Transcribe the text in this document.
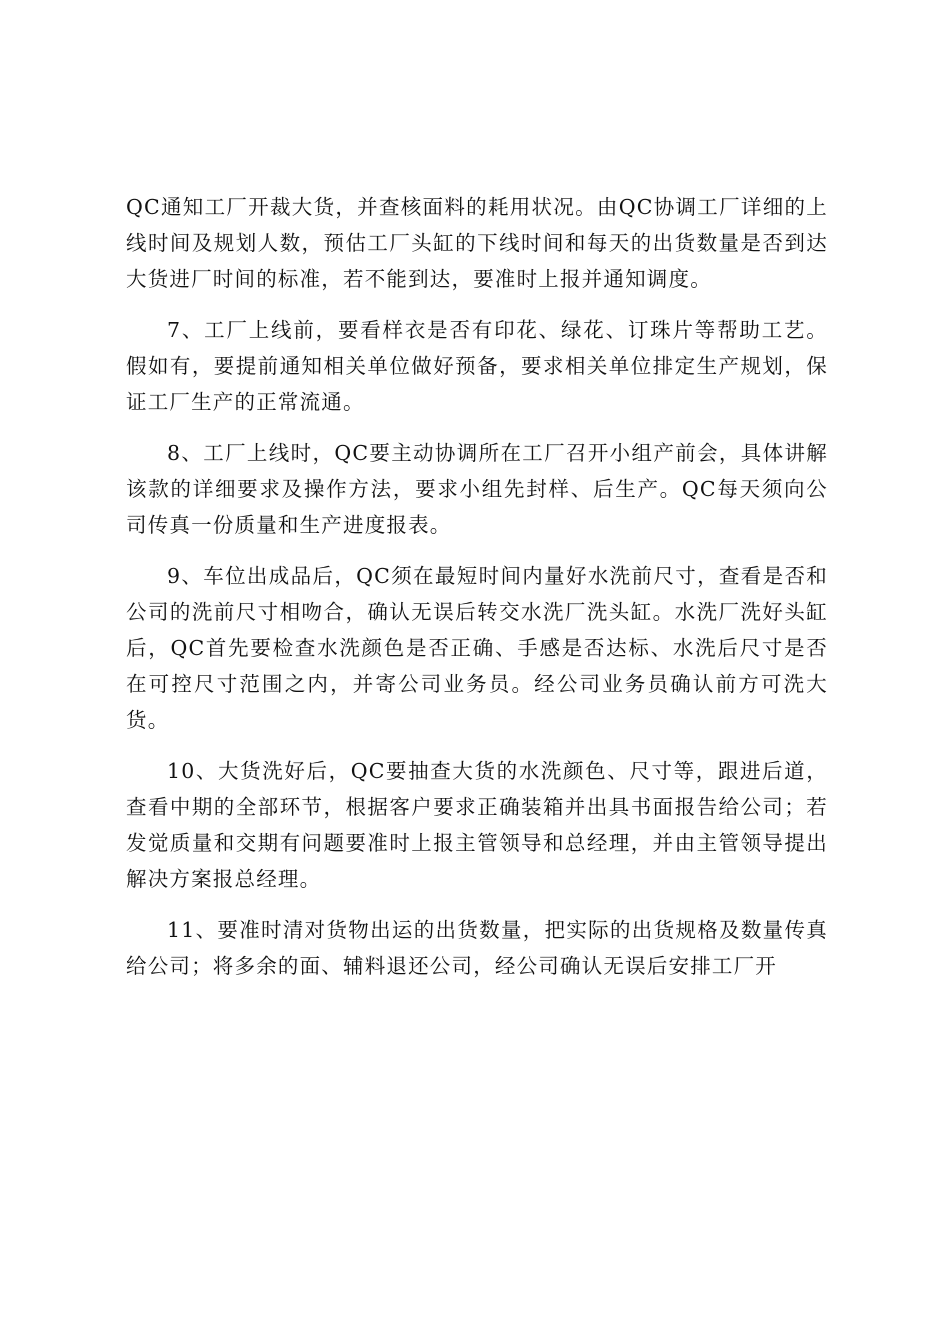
QC通知工厂开裁大货，并查核面料的耗用状况。由QC协调工厂详细的上线时间及规划人数，预估工厂头缸的下线时间和每天的出货数量是否到达大货进厂时间的标准，若不能到达，要准时上报并通知调度。

7、工厂上线前，要看样衣是否有印花、绿花、订珠片等帮助工艺。假如有，要提前通知相关单位做好预备，要求相关单位排定生产规划，保证工厂生产的正常流通。

8、工厂上线时，QC要主动协调所在工厂召开小组产前会，具体讲解该款的详细要求及操作方法，要求小组先封样、后生产。QC每天须向公司传真一份质量和生产进度报表。

9、车位出成品后，QC须在最短时间内量好水洗前尺寸，查看是否和公司的洗前尺寸相吻合，确认无误后转交水洗厂洗头缸。水洗厂洗好头缸后，QC首先要检查水洗颜色是否正确、手感是否达标、水洗后尺寸是否在可控尺寸范围之内，并寄公司业务员。经公司业务员确认前方可洗大货。

10、大货洗好后，QC要抽查大货的水洗颜色、尺寸等，跟进后道，查看中期的全部环节，根据客户要求正确装箱并出具书面报告给公司；若发觉质量和交期有问题要准时上报主管领导和总经理，并由主管领导提出解决方案报总经理。

11、要准时清对货物出运的出货数量，把实际的出货规格及数量传真给公司；将多余的面、辅料退还公司，经公司确认无误后安排工厂开
